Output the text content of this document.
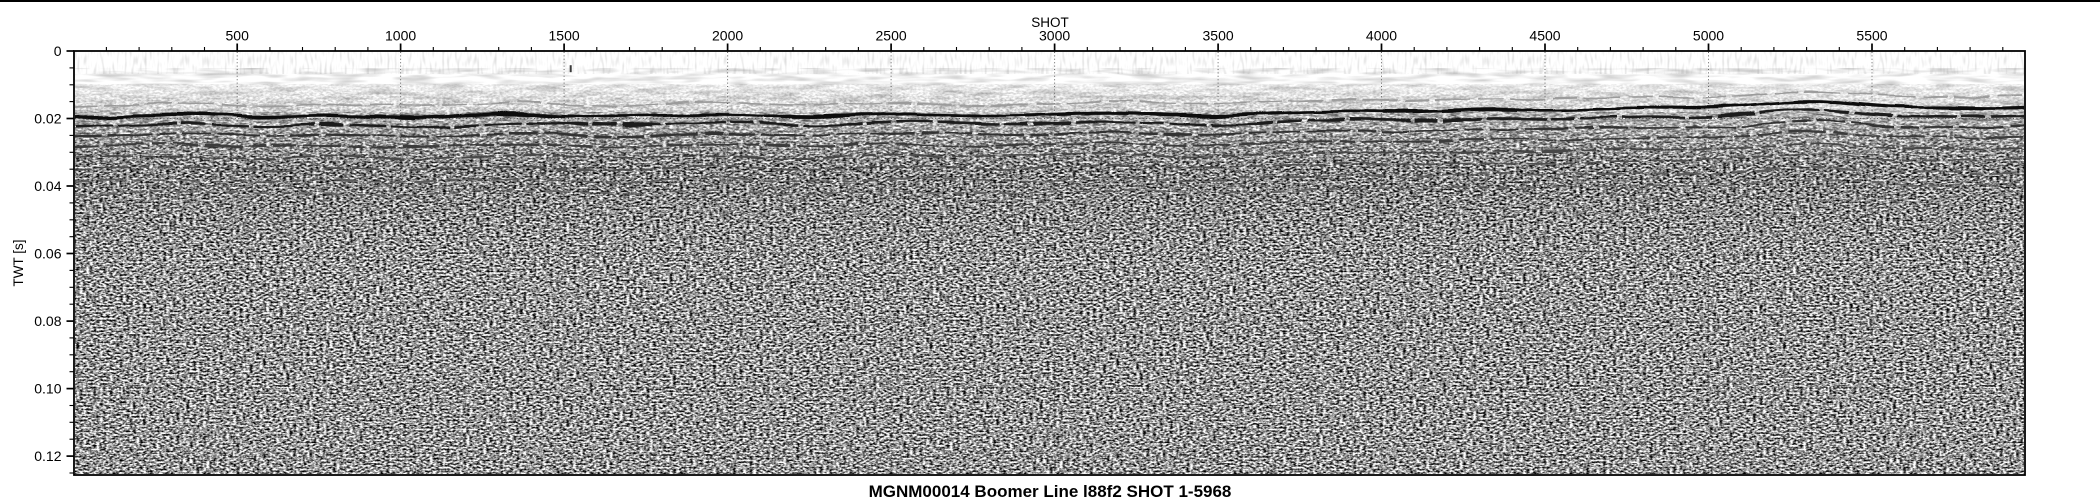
500	1000	1500	2000	2500	3000	3500	4000	4500	5000	5500
0
0.02
0.04
0.06
0.08
0.10
0.12
SHOT
TWT [s]
MGNM00014 Boomer Line l88f2 SHOT 1-5968
